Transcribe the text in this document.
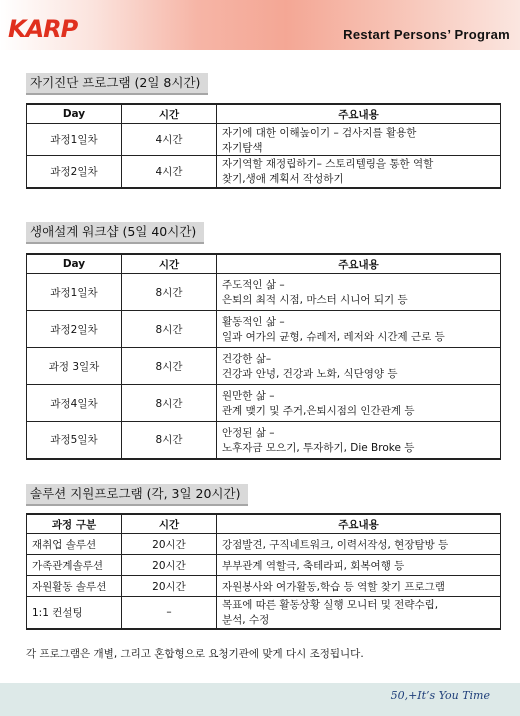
KARP	Restart Persons’ Program
자기진단 프로그램 (2일 8시간)
Day	시간	주요내용
과정1일차	4시간	자기에 대한 이해높이기 – 검사지를 활용한
자기탐색

과정2일차	4시간	자기역할 재정립하기– 스토리텔링을 통한 역할
찾기,생애 계획서 작성하기
생애설계 워크샵 (5일 40시간)
Day	시간	주요내용
과정1일차	8시간	주도적인 삶 –
은퇴의 최적 시점, 마스터 시니어 되기 등

과정2일차	8시간	활동적인 삶 –
일과 여가의 균형, 슈레저, 레저와 시간제 근로 등

과정 3일차	8시간	건강한 삶–
건강과 안녕, 건강과 노화, 식단영양 등

과정4일차	8시간	원만한 삶 –
관계 맺기 및 주거,은퇴시점의 인간관계 등

과정5일차	8시간	안정된 삶 –
노후자금 모으기, 투자하기, Die Broke 등
솔루션 지원프로그램 (각, 3일 20시간)
과정 구분	시간	주요내용
재취업 솔루션	20시간	강점발견, 구직네트워크, 이력서작성, 현장탐방 등
가족관계솔루션	20시간	부부관계 역할극, 축테라피, 회복여행 등
자원활동 솔루션	20시간	자원봉사와 여가활동,학습 등 역할 찾기 프로그램
1:1 컨설팅	–	목표에 따른 활동상황 실행 모니터 및 전략수립,
분석, 수정
각 프로그램은 개별, 그리고 혼합형으로 요청기관에 맞게 다시 조정됩니다.
50,+It’s You Time
